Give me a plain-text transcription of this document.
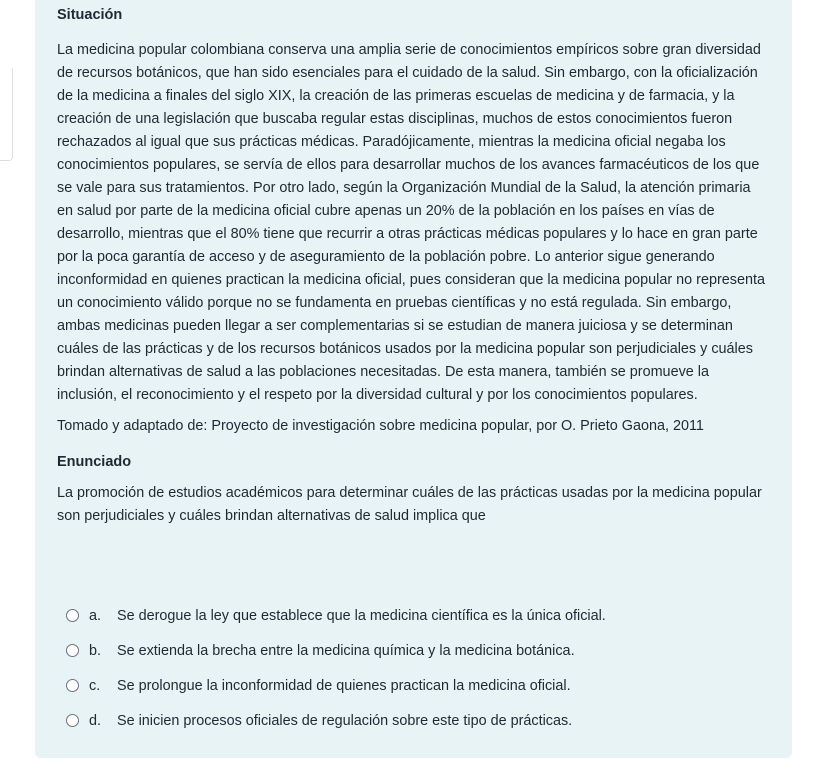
Situación

La medicina popular colombiana conserva una amplia serie de conocimientos empíricos sobre gran diversidad de recursos botánicos, que han sido esenciales para el cuidado de la salud. Sin embargo, con la oficialización de la medicina a finales del siglo XIX, la creación de las primeras escuelas de medicina y de farmacia, y la creación de una legislación que buscaba regular estas disciplinas, muchos de estos conocimientos fueron rechazados al igual que sus prácticas médicas. Paradójicamente, mientras la medicina oficial negaba los conocimientos populares, se servía de ellos para desarrollar muchos de los avances farmacéuticos de los que se vale para sus tratamientos. Por otro lado, según la Organización Mundial de la Salud, la atención primaria en salud por parte de la medicina oficial cubre apenas un 20% de la población en los países en vías de desarrollo, mientras que el 80% tiene que recurrir a otras prácticas médicas populares y lo hace en gran parte por la poca garantía de acceso y de aseguramiento de la población pobre. Lo anterior sigue generando inconformidad en quienes practican la medicina oficial, pues consideran que la medicina popular no representa un conocimiento válido porque no se fundamenta en pruebas científicas y no está regulada. Sin embargo, ambas medicinas pueden llegar a ser complementarias si se estudian de manera juiciosa y se determinan cuáles de las prácticas y de los recursos botánicos usados por la medicina popular son perjudiciales y cuáles brindan alternativas de salud a las poblaciones necesitadas. De esta manera, también se promueve la inclusión, el reconocimiento y el respeto por la diversidad cultural y por los conocimientos populares.

Tomado y adaptado de: Proyecto de investigación sobre medicina popular, por O. Prieto Gaona, 2011

Enunciado

La promoción de estudios académicos para determinar cuáles de las prácticas usadas por la medicina popular son perjudiciales y cuáles brindan alternativas de salud implica que

a.	Se derogue la ley que establece que la medicina científica es la única oficial.
b.	Se extienda la brecha entre la medicina química y la medicina botánica.
c.	Se prolongue la inconformidad de quienes practican la medicina oficial.
d.	Se inicien procesos oficiales de regulación sobre este tipo de prácticas.
